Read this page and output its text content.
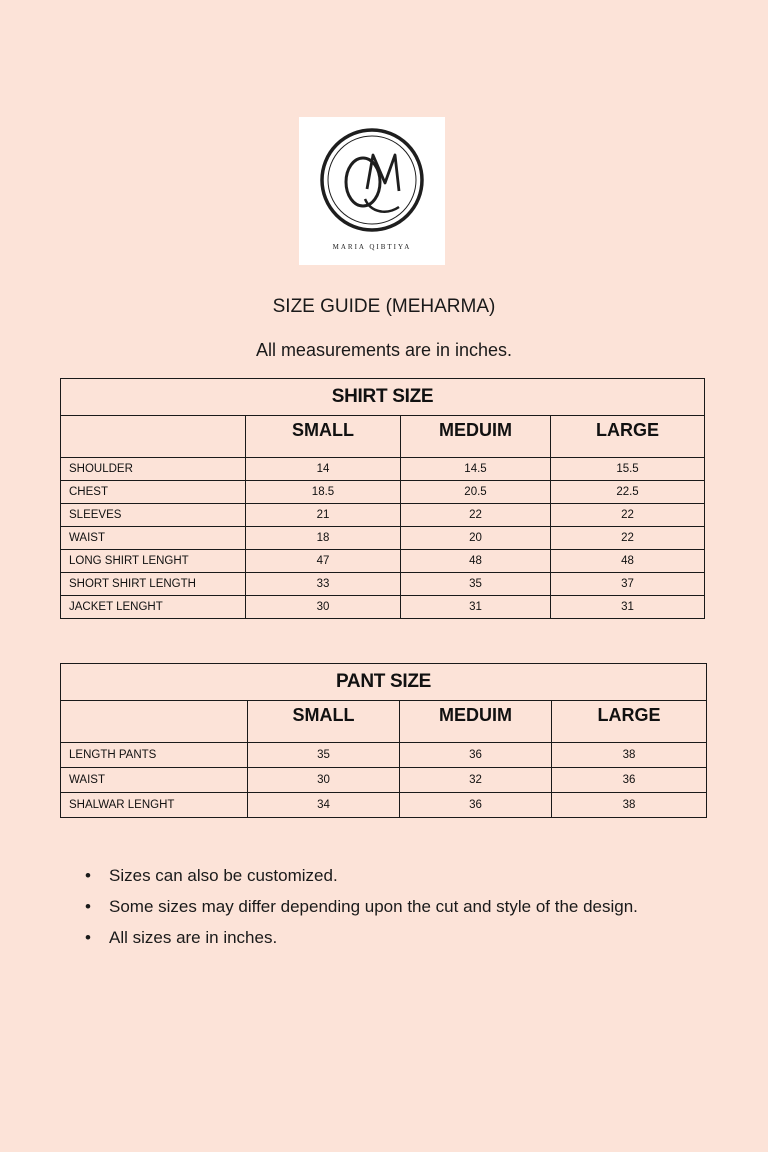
MARIA QIBTIYA
SIZE GUIDE (MEHARMA)
All measurements are in inches.
SHIRT SIZE			
	SMALL	MEDUIM	LARGE
SHOULDER	14	14.5	15.5
CHEST	18.5	20.5	22.5
SLEEVES	21	22	22
WAIST	18	20	22
LONG SHIRT LENGHT	47	48	48
SHORT SHIRT LENGTH	33	35	37
JACKET LENGHT	30	31	31
PANT SIZE			
	SMALL	MEDUIM	LARGE
LENGTH PANTS	35	36	38
WAIST	30	32	36
SHALWAR LENGHT	34	36	38
• Sizes can also be customized.
• Some sizes may differ depending upon the cut and style of the design.
• All sizes are in inches.
